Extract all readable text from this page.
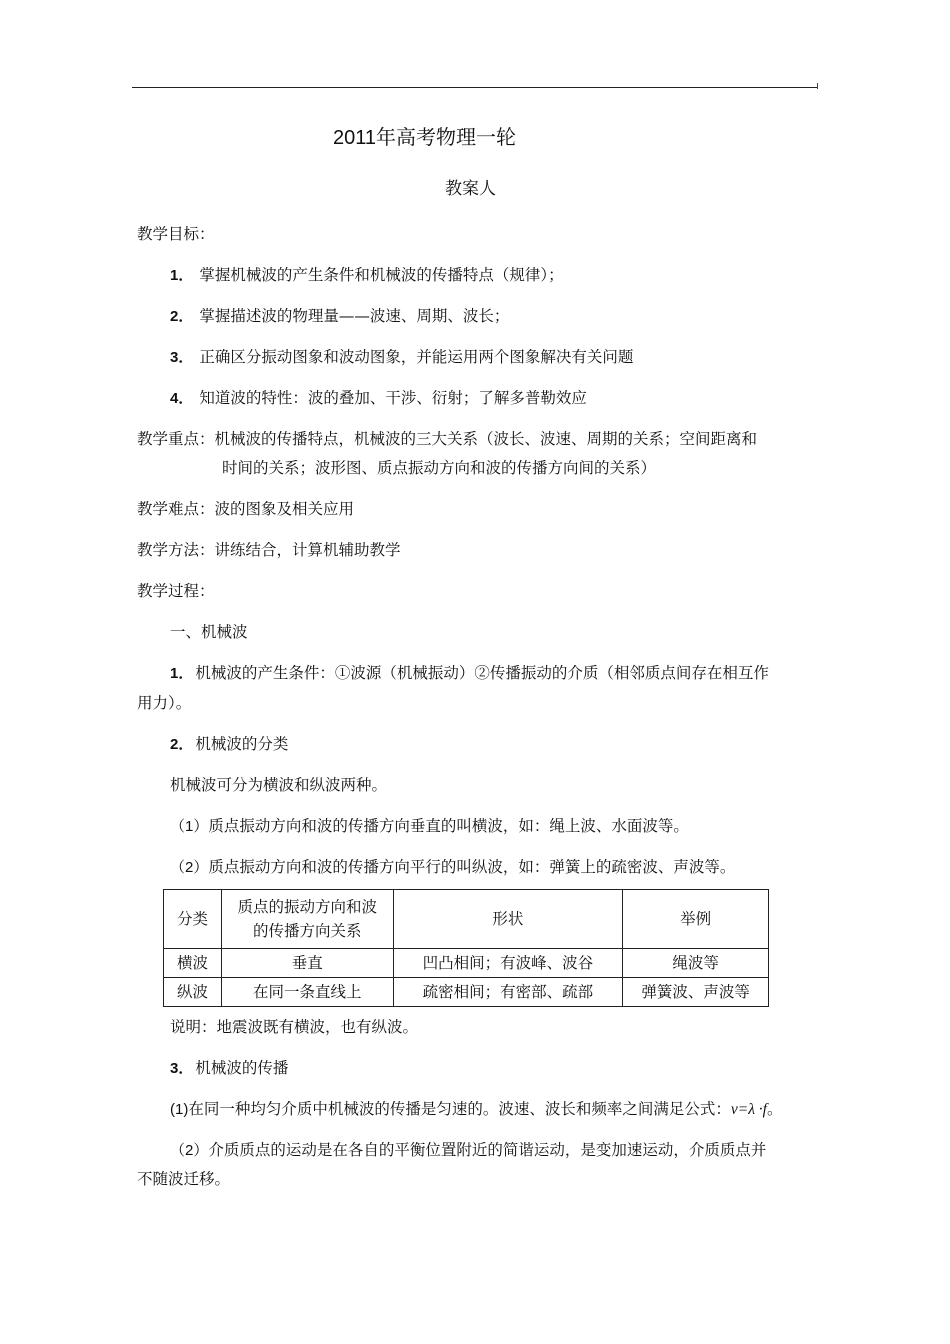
2011年高考物理一轮
教案人
教学目标：
1． 掌握机械波的产生条件和机械波的传播特点（规律）；
2． 掌握描述波的物理量——波速、周期、波长；
3． 正确区分振动图象和波动图象，并能运用两个图象解决有关问题
4． 知道波的特性：波的叠加、干涉、衍射；了解多普勒效应
教学重点：机械波的传播特点，机械波的三大关系（波长、波速、周期的关系；空间距离和
时间的关系；波形图、质点振动方向和波的传播方向间的关系）
教学难点：波的图象及相关应用
教学方法：讲练结合，计算机辅助教学
教学过程：
一、机械波
1． 机械波的产生条件：①波源（机械振动）②传播振动的介质（相邻质点间存在相互作
用力）。
2． 机械波的分类
机械波可分为横波和纵波两种。
（1）质点振动方向和波的传播方向垂直的叫横波，如：绳上波、水面波等。
（2）质点振动方向和波的传播方向平行的叫纵波，如：弹簧上的疏密波、声波等。
分类	质点的振动方向和波
的传播方向关系	形状	举例
横波	垂直	凹凸相间；有波峰、波谷	绳波等
纵波	在同一条直线上	疏密相间；有密部、疏部	弹簧波、声波等
说明：地震波既有横波，也有纵波。
3． 机械波的传播
(1)在同一种均匀介质中机械波的传播是匀速的。波速、波长和频率之间满足公式：v=λ ·f。
（2）介质质点的运动是在各自的平衡位置附近的简谐运动，是变加速运动，介质质点并
不随波迁移。
